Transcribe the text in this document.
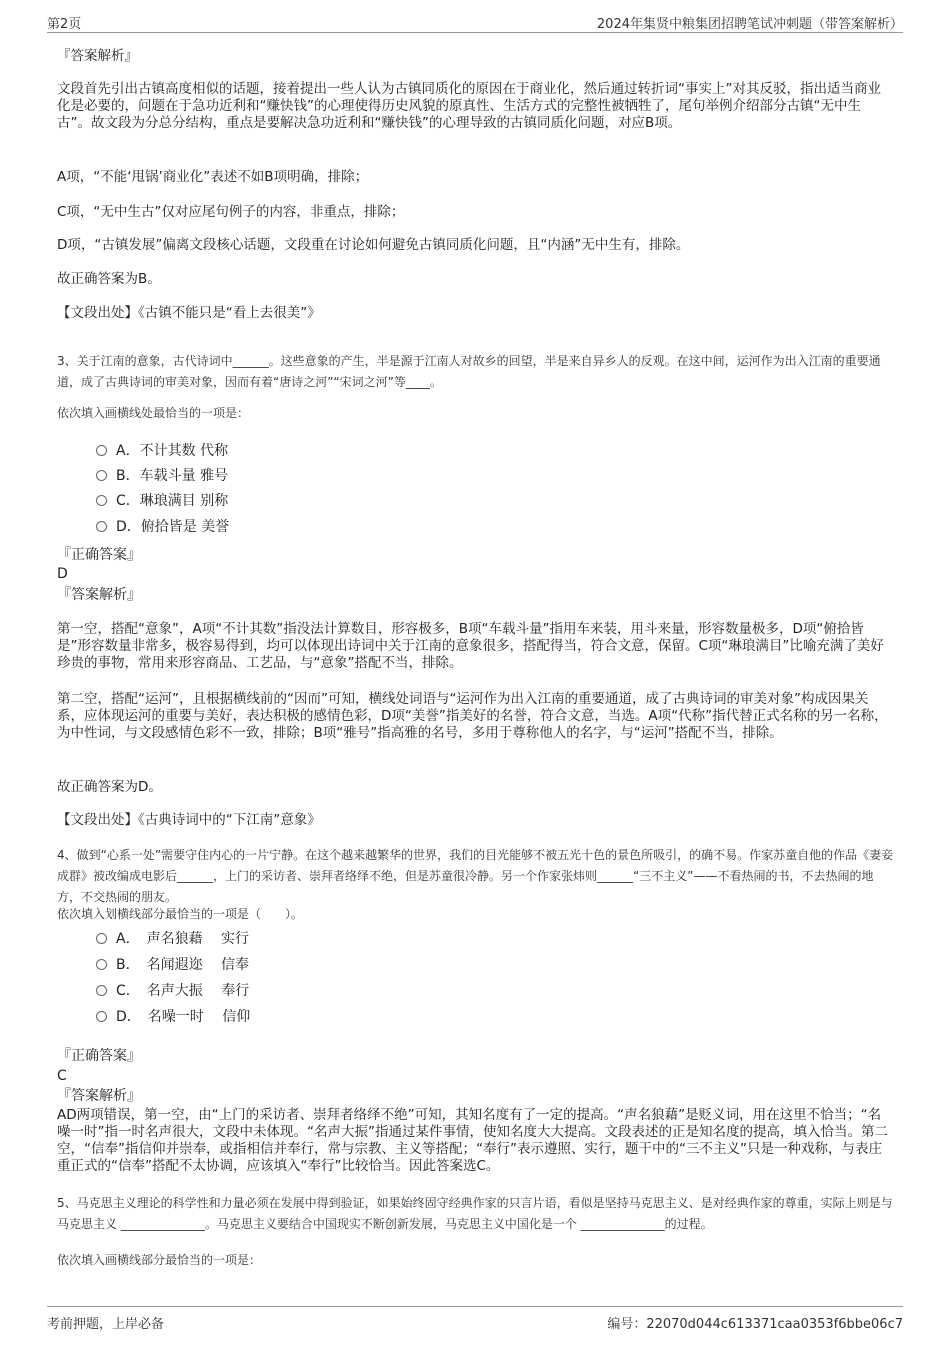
第2页	2024年集贤中粮集团招聘笔试冲刺题（带答案解析）
『答案解析』
文段首先引出古镇高度相似的话题，接着提出一些人认为古镇同质化的原因在于商业化，然后通过转折词“事实上”对其反驳，指出适当商业化是必要的，问题在于急功近利和“赚快钱”的心理使得历史风貌的原真性、生活方式的完整性被牺牲了，尾句举例介绍部分古镇“无中生古”。故文段为分总分结构，重点是要解决急功近利和“赚快钱”的心理导致的古镇同质化问题，对应B项。
A项，“不能‘甩锅’商业化”表述不如B项明确，排除；
C项，“无中生古”仅对应尾句例子的内容，非重点，排除；
D项，“古镇发展”偏离文段核心话题，文段重在讨论如何避免古镇同质化问题，且“内涵”无中生有，排除。
故正确答案为B。
【文段出处】《古镇不能只是“看上去很美”》
3、关于江南的意象，古代诗词中______。这些意象的产生，半是源于江南人对故乡的回望，半是来自异乡人的反观。在这中间，运河作为出入江南的重要通道，成了古典诗词的审美对象，因而有着“唐诗之河”“宋词之河”等____。
依次填入画横线处最恰当的一项是：
A．不计其数 代称
B．车载斗量 雅号
C．琳琅满目 别称
D．俯拾皆是 美誉
『正确答案』
D
『答案解析』
第一空，搭配“意象”，A项“不计其数”指没法计算数目，形容极多，B项“车载斗量”指用车来装，用斗来量，形容数量极多，D项“俯拾皆是”形容数量非常多，极容易得到，均可以体现出诗词中关于江南的意象很多，搭配得当，符合文意，保留。C项“琳琅满目”比喻充满了美好珍贵的事物，常用来形容商品、工艺品，与“意象”搭配不当，排除。
第二空，搭配“运河”，且根据横线前的“因而”可知，横线处词语与“运河作为出入江南的重要通道，成了古典诗词的审美对象”构成因果关系，应体现运河的重要与美好，表达积极的感情色彩，D项“美誉”指美好的名誉，符合文意，当选。A项“代称”指代替正式名称的另一名称，为中性词，与文段感情色彩不一致，排除；B项“雅号”指高雅的名号，多用于尊称他人的名字，与“运河”搭配不当，排除。
故正确答案为D。
【文段出处】《古典诗词中的“下江南”意象》
4、做到“心系一处”需要守住内心的一片宁静。在这个越来越繁华的世界，我们的目光能够不被五光十色的景色所吸引，的确不易。作家苏童自他的作品《妻妾成群》被改编成电影后______，上门的采访者、崇拜者络绎不绝，但是苏童很冷静。另一个作家张炜则______“三不主义”——不看热闹的书，不去热闹的地方，不交热闹的朋友。
依次填入划横线部分最恰当的一项是（　　）。
A．　声名狼藉　 实行
B．　名闻遐迩　 信奉
C．　名声大振　 奉行
D．　名噪一时　 信仰
『正确答案』
C
『答案解析』
AD两项错误，第一空，由“上门的采访者、崇拜者络绎不绝”可知，其知名度有了一定的提高。“声名狼藉”是贬义词，用在这里不恰当；“名噪一时”指一时名声很大，文段中未体现。“名声大振”指通过某件事情，使知名度大大提高。文段表述的正是知名度的提高，填入恰当。第二空，“信奉”指信仰并崇奉，或指相信并奉行，常与宗教、主义等搭配；“奉行”表示遵照、实行，题干中的“三不主义”只是一种戏称，与表庄重正式的“信奉”搭配不太协调，应该填入“奉行”比较恰当。因此答案选C。
5、马克思主义理论的科学性和力量必须在发展中得到验证，如果始终固守经典作家的只言片语，看似是坚持马克思主义、是对经典作家的尊重，实际上则是与马克思主义 ______________。马克思主义要结合中国现实不断创新发展，马克思主义中国化是一个 ______________的过程。
依次填入画横线部分最恰当的一项是：
考前押题，上岸必备	编号：22070d044c613371caa0353f6bbe06c7
